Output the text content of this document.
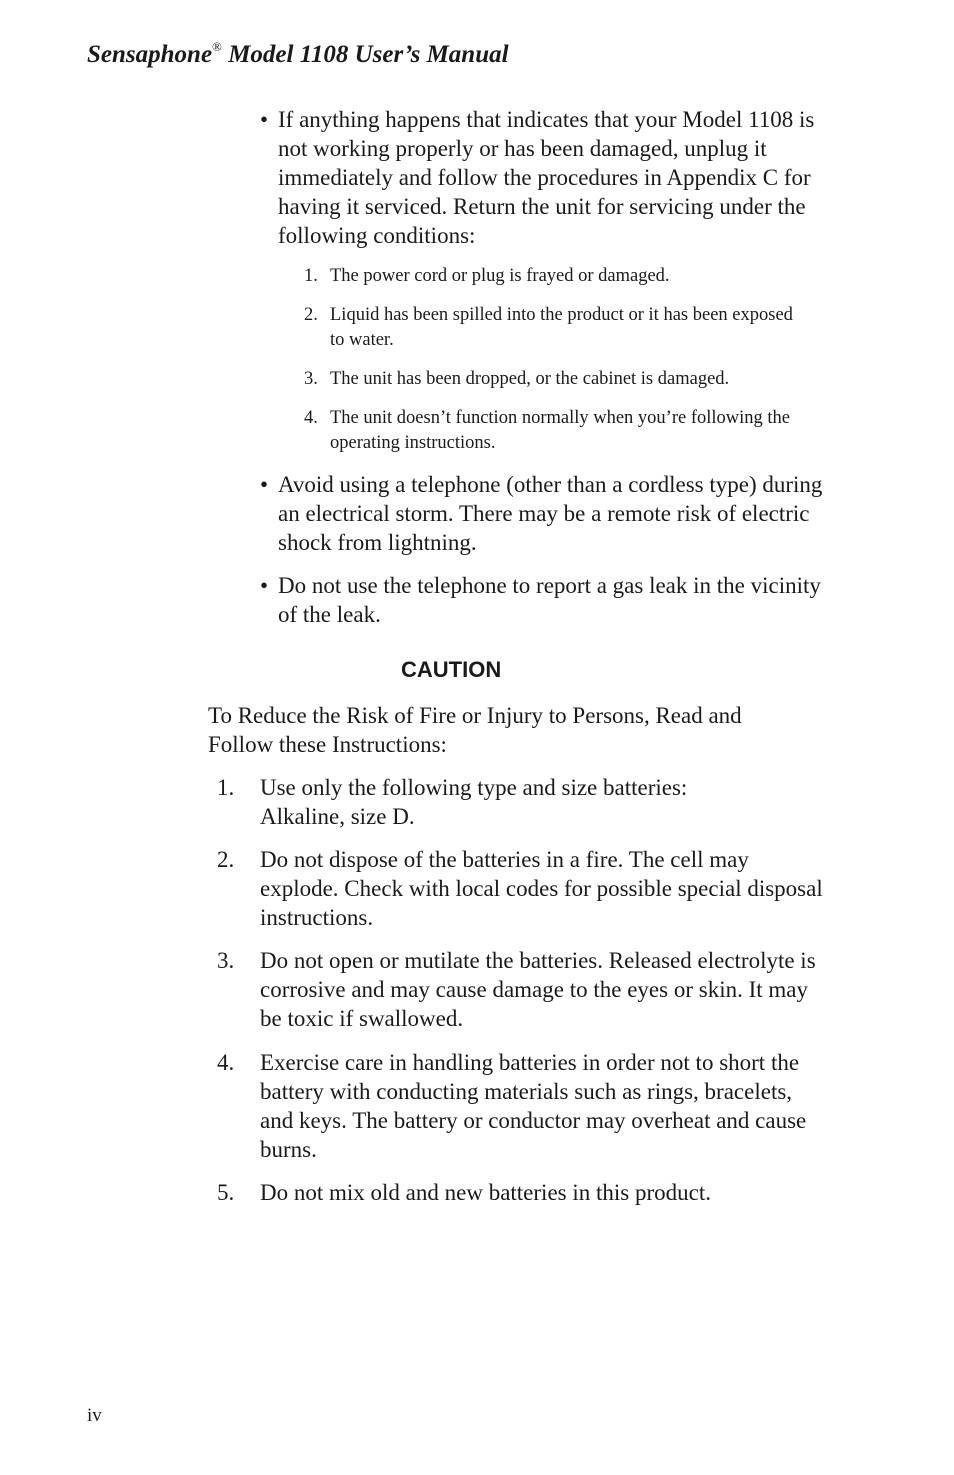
Sensaphone® Model 1108 User’s Manual
• If anything happens that indicates that your Model 1108 is not working properly or has been damaged, unplug it immediately and follow the procedures in Appendix C for having it serviced. Return the unit for servicing under the following conditions:
1. The power cord or plug is frayed or damaged.
2. Liquid has been spilled into the product or it has been exposed to water.
3. The unit has been dropped, or the cabinet is damaged.
4. The unit doesn’t function normally when you’re following the operating instructions.
• Avoid using a telephone (other than a cordless type) during an electrical storm. There may be a remote risk of electric shock from lightning.
• Do not use the telephone to report a gas leak in the vicinity of the leak.
CAUTION
To Reduce the Risk of Fire or Injury to Persons, Read and Follow these Instructions:
1. Use only the following type and size batteries:
Alkaline, size D.
2. Do not dispose of the batteries in a fire. The cell may explode. Check with local codes for possible special disposal instructions.
3. Do not open or mutilate the batteries. Released electrolyte is corrosive and may cause damage to the eyes or skin. It may be toxic if swallowed.
4. Exercise care in handling batteries in order not to short the battery with conducting materials such as rings, bracelets, and keys. The battery or conductor may overheat and cause burns.
5. Do not mix old and new batteries in this product.
iv
